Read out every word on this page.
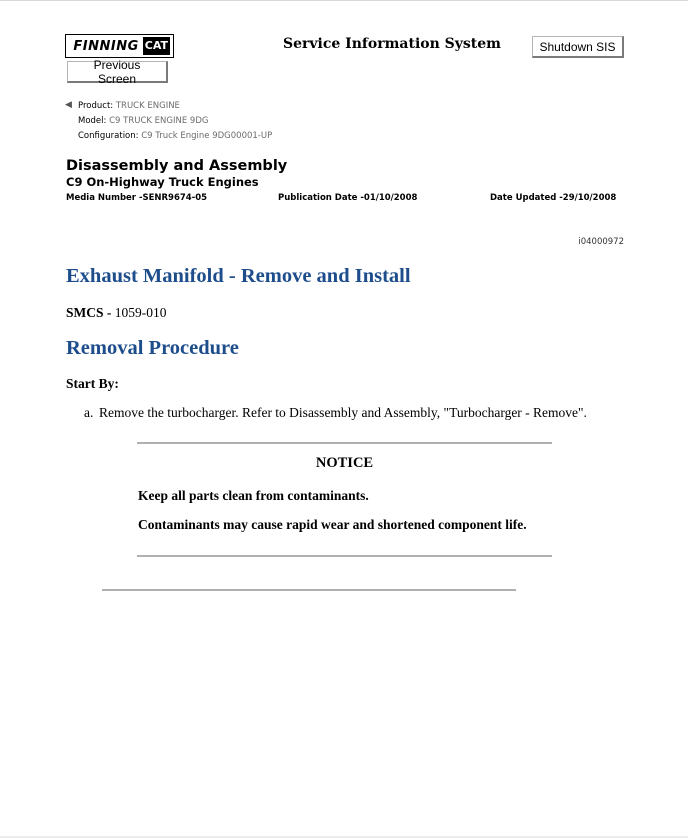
FINNING CAT	Service Information System	Shutdown SIS
Previous Screen
◀ Product: TRUCK ENGINE
Model: C9 TRUCK ENGINE 9DG
Configuration: C9 Truck Engine 9DG00001-UP
Disassembly and Assembly
C9 On-Highway Truck Engines
Media Number -SENR9674-05	Publication Date -01/10/2008	Date Updated -29/10/2008
i04000972
Exhaust Manifold - Remove and Install
SMCS - 1059-010
Removal Procedure
Start By:
a. Remove the turbocharger. Refer to Disassembly and Assembly, "Turbocharger - Remove".
NOTICE
Keep all parts clean from contaminants.
Contaminants may cause rapid wear and shortened component life.
